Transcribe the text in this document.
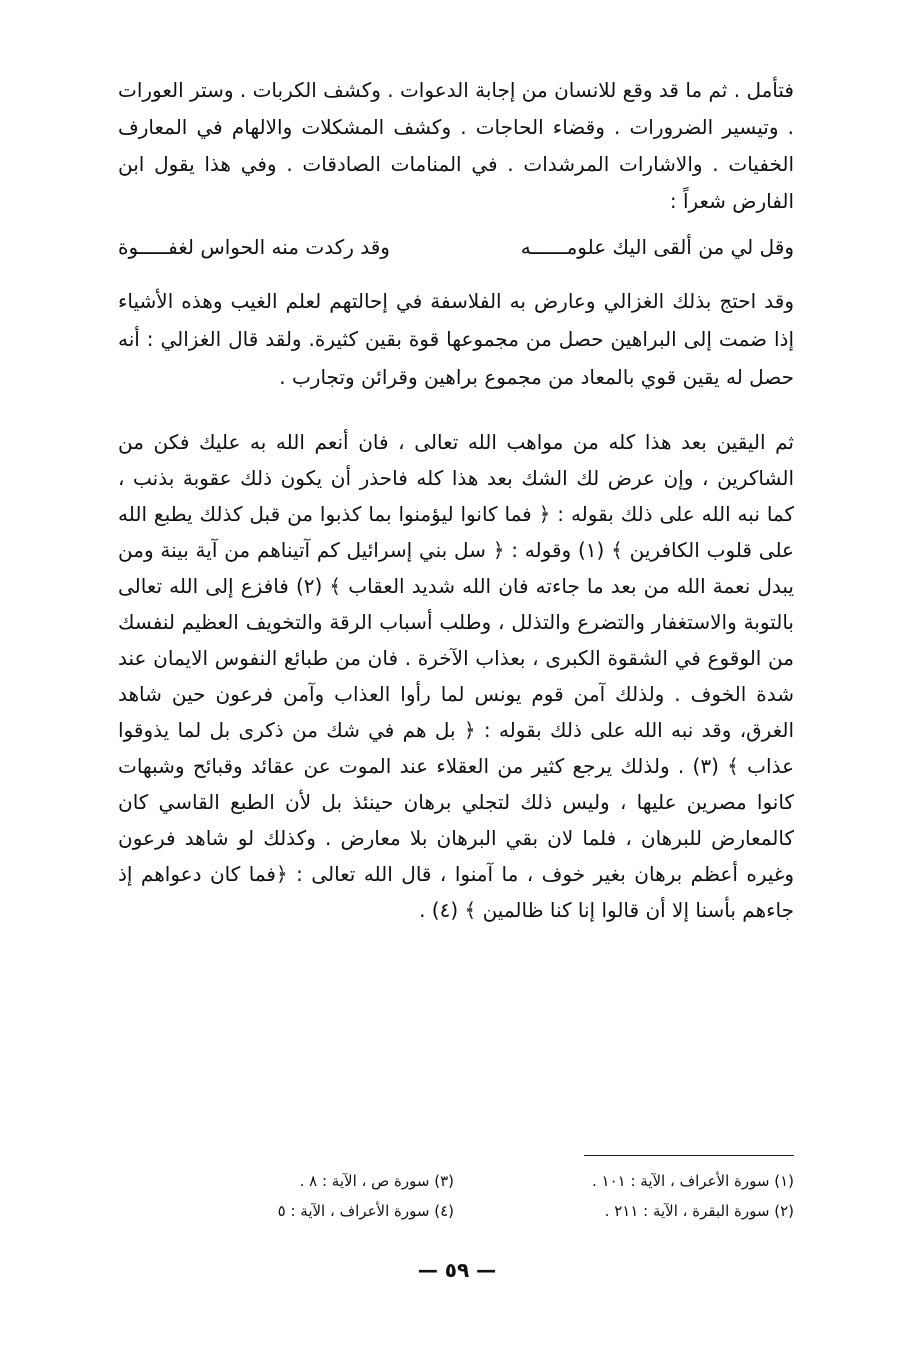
فتأمل . ثم ما قد وقع للانسان من إجابة الدعوات . وكشف الكربات . وستر العورات . وتيسير الضرورات . وقضاء الحاجات . وكشف المشكلات والالهام في المعارف الخفيات . والاشارات المرشدات . في المنامات الصادقات . وفي هذا يقول ابن الفارض شعراً :

وقل لي من ألقى اليك علومــــــه
وقد ركدت منه الحواس لغفـــــوة

وقد احتج بذلك الغزالي وعارض به الفلاسفة في إحالتهم لعلم الغيب وهذه الأشياء إذا ضمت إلى البراهين حصل من مجموعها قوة بقين كثيرة. ولقد قال الغزالي : أنه حصل له يقين قوي بالمعاد من مجموع براهين وقرائن وتجارب .

ثم اليقين بعد هذا كله من مواهب الله تعالى ، فان أنعم الله به عليك فكن من الشاكرين ، وإن عرض لك الشك بعد هذا كله فاحذر أن يكون ذلك عقوبة بذنب ، كما نبه الله على ذلك بقوله : ﴿ فما كانوا ليؤمنوا بما كذبوا من قبل كذلك يطبع الله على قلوب الكافرين ﴾ (١) وقوله : ﴿ سل بني إسرائيل كم آتيناهم من آية بينة ومن يبدل نعمة الله من بعد ما جاءته فان الله شديد العقاب ﴾ (٢) فافزع إلى الله تعالى بالتوبة والاستغفار والتضرع والتذلل ، وطلب أسباب الرقة والتخويف العظيم لنفسك من الوقوع في الشقوة الكبرى ، بعذاب الآخرة . فان من طبائع النفوس الايمان عند شدة الخوف . ولذلك آمن قوم يونس لما رأوا العذاب وآمن فرعون حين شاهد الغرق، وقد نبه الله على ذلك بقوله : ﴿ بل هم في شك من ذكرى بل لما يذوقوا عذاب ﴾ (٣) . ولذلك يرجع كثير من العقلاء عند الموت عن عقائد وقبائح وشبهات كانوا مصرين عليها ، وليس ذلك لتجلي برهان حينئذ بل لأن الطبع القاسي كان كالمعارض للبرهان ، فلما لان بقي البرهان بلا معارض . وكذلك لو شاهد فرعون وغيره أعظم برهان بغير خوف ، ما آمنوا ، قال الله تعالى : ﴿فما كان دعواهم إذ جاءهم بأسنا إلا أن قالوا إنا كنا ظالمين ﴾ (٤) .

(١) سورة الأعراف ، الآية : ١٠١ .
(٣) سورة ص ، الآية : ٨ .
(٢) سورة البقرة ، الآية : ٢١١ .
(٤) سورة الأعراف ، الآية : ٥
— ٥٩ —
